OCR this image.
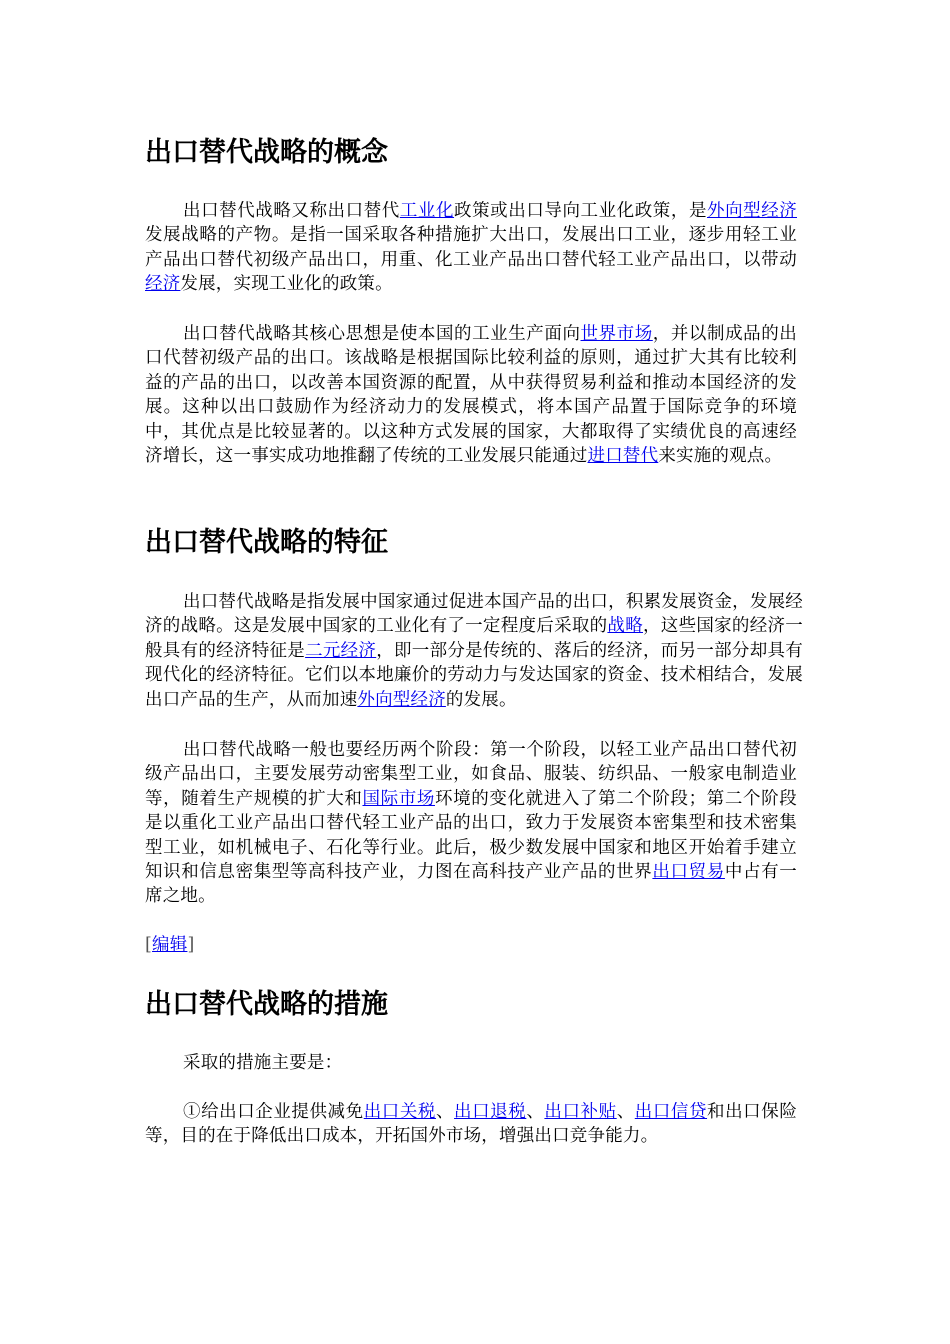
出口替代战略的概念

出口替代战略又称出口替代工业化政策或出口导向工业化政策，是外向型经济发展战略的产物。是指一国采取各种措施扩大出口，发展出口工业，逐步用轻工业产品出口替代初级产品出口，用重、化工业产品出口替代轻工业产品出口，以带动经济发展，实现工业化的政策。

出口替代战略其核心思想是使本国的工业生产面向世界市场，并以制成品的出口代替初级产品的出口。该战略是根据国际比较利益的原则，通过扩大其有比较利益的产品的出口，以改善本国资源的配置，从中获得贸易利益和推动本国经济的发展。这种以出口鼓励作为经济动力的发展模式，将本国产品置于国际竞争的环境中，其优点是比较显著的。以这种方式发展的国家，大都取得了实绩优良的高速经济增长，这一事实成功地推翻了传统的工业发展只能通过进口替代来实施的观点。

出口替代战略的特征

出口替代战略是指发展中国家通过促进本国产品的出口，积累发展资金，发展经济的战略。这是发展中国家的工业化有了一定程度后采取的战略，这些国家的经济一般具有的经济特征是二元经济，即一部分是传统的、落后的经济，而另一部分却具有现代化的经济特征。它们以本地廉价的劳动力与发达国家的资金、技术相结合，发展出口产品的生产，从而加速外向型经济的发展。

出口替代战略一般也要经历两个阶段：第一个阶段，以轻工业产品出口替代初级产品出口，主要发展劳动密集型工业，如食品、服装、纺织品、一般家电制造业等，随着生产规模的扩大和国际市场环境的变化就进入了第二个阶段；第二个阶段是以重化工业产品出口替代轻工业产品的出口，致力于发展资本密集型和技术密集型工业，如机械电子、石化等行业。此后，极少数发展中国家和地区开始着手建立知识和信息密集型等高科技产业，力图在高科技产业产品的世界出口贸易中占有一席之地。

[编辑]

出口替代战略的措施

采取的措施主要是：

①给出口企业提供减免出口关税、出口退税、出口补贴、出口信贷和出口保险等，目的在于降低出口成本，开拓国外市场，增强出口竞争能力。
